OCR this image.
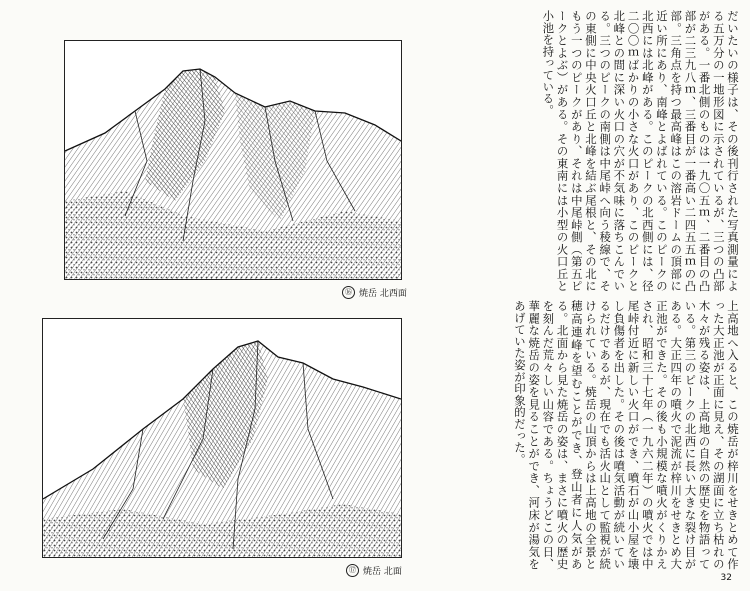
⑯ 焼岳 北西面
⑰ 焼岳 北面
だいたいの様子は、その後刊行された写真測量による五万分の一地形図に示されているが、三つの凸部がある。一番北側のものは一九〇五ｍ、二番目の凸部が二三九八ｍ、三番目が一番高い二四五五ｍの凸部。三角点を持つ最高峰はこの溶岩ドームの頂部に近い所にあり、南峰とよばれている。このピークの北西には北峰がある。このピークの北西側には、径二〇〇ｍばかりの小さな火口があり、このピークと北峰との間に深い火口の穴が不気味に落ちこんでいる。三つのピークの南側は中尾峠へ向う稜線で、その東側に中央火口丘と北峰を結ぶ尾根と、その北にもう一つのピークがあり、それは中尾峠側（第五ピークとよぶ）がある。その東南には小型の火口丘と小池を持っている。
上高地へ入ると、この焼岳が梓川をせきとめて作った大正池が正面に見え、その湖面に立ち枯れの木々が残る姿は、上高地の自然の歴史を物語っている。第三のピークの北西に長い大きな裂け目がある。大正四年の噴火で泥流が梓川をせきとめ大正池ができた。その後も小規模な噴火がくりかえされ、昭和三十七年（一九六二年）の噴火では中尾峠付近に新しい火口ができ、噴石が山小屋を壊し負傷者を出した。その後は噴気活動が続いているだけであるが、現在でも活火山として監視が続けられている。焼岳の山頂からは上高地の全景と穂高連峰を望むことができ、登山者に人気がある。北面から見た焼岳の姿は、まさに噴火の歴史を刻んだ荒々しい山容である。ちょうどこの日、華麗な焼岳の姿を見ることができ、河床が湯気をあげていた姿が印象的だった。
32
